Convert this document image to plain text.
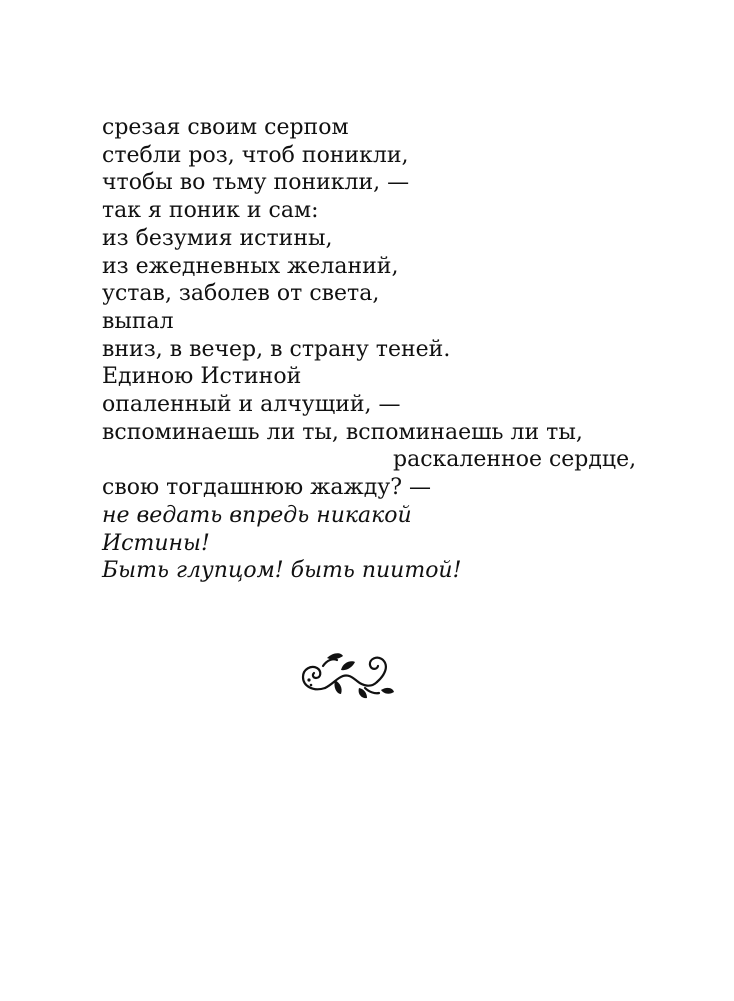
срезая своим серпом
стебли роз, чтоб поникли,
чтобы во тьму поникли, —
так я поник и сам:
из безумия истины,
из ежедневных желаний,
устав, заболев от света,
выпал
вниз, в вечер, в страну теней.
Единою Истиной
опаленный и алчущий, —
вспоминаешь ли ты, вспоминаешь ли ты,
раскаленное сердце,
свою тогдашнюю жажду? —
не ведать впредь никакой
Истины!
Быть глупцом! быть пиитой!
